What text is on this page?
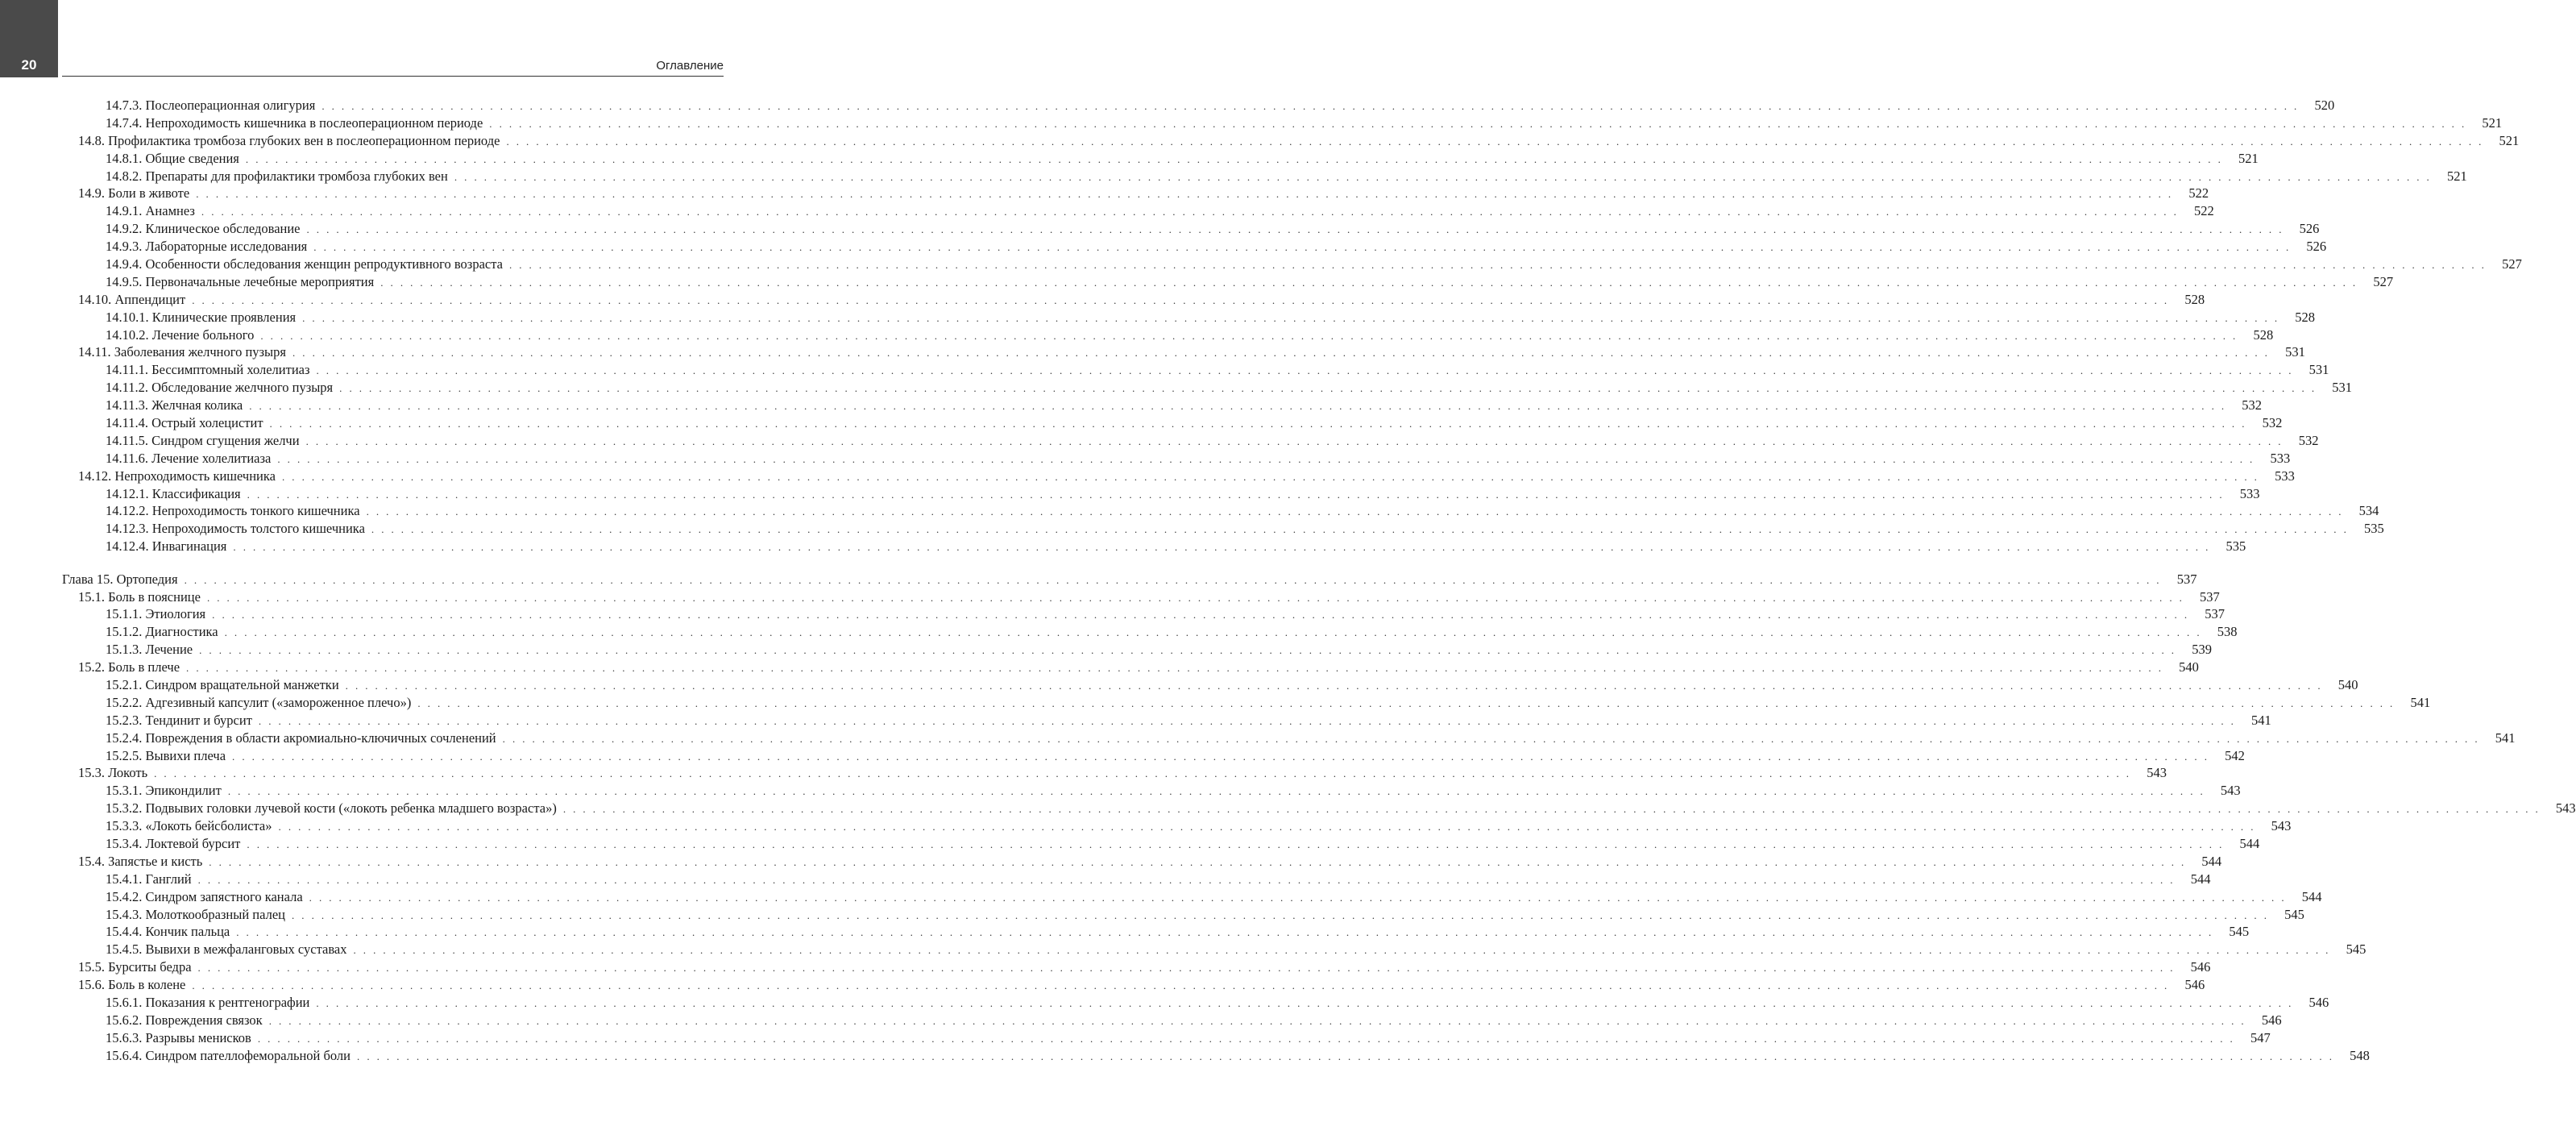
20	Оглавление
14.7.3. Послеоперационная олигурия . . . . . . . . . . . . . . . . . . . . . . . . . . . . . . . . . . . . . . . . . . . . . . . . . . . . . . . . . . . . . . . . . . . . . . . . . . . . . . . . . . . . . . . . . . . . . . . . . . . . . . . . . . . . . . . . . . . . . . . . . . . . . . . . . . . . . . . . . . . . . . . . . . . . . . . . . . . . . . . . . . . . . . . . . . . . . . . . . . . . . . . . . . . . . . . . . . . . . . . .	520
14.7.4. Непроходимость кишечника в послеоперационном периоде . . . . . . . . . . . . . . . . . . . . . . . . . . . . . . . . . . . . . . . . . . . . . . . . . . . . . . . . . . . . . . . . . . . . . . . . . . . . . . . . . . . . . . . . . . . . . . . . . . . . . . . . . . . . . . . . . . . . . . . . . . . . . . . . . . . . . . . . . . . . . . . . . . . . . . . . . . . . . . . . . . . . . . . . . . . . . . . . . . . . . . . . . . . . . . . . . . . . . . . .	521
14.8. Профилактика тромбоза глубоких вен в послеоперационном периоде . . . . . . . . . . . . . . . . . . . . . . . . . . . . . . . . . . . . . . . . . . . . . . . . . . . . . . . . . . . . . . . . . . . . . . . . . . . . . . . . . . . . . . . . . . . . . . . . . . . . . . . . . . . . . . . . . . . . . . . . . . . . . . . . . . . . . . . . . . . . . . . . . . . . . . . . . . . . . . . . . . . . . . . . . . . . . . . . . . . . . . . . . . . . . . . . . . . . . . . .	521
14.8.1. Общие сведения . . . . . . . . . . . . . . . . . . . . . . . . . . . . . . . . . . . . . . . . . . . . . . . . . . . . . . . . . . . . . . . . . . . . . . . . . . . . . . . . . . . . . . . . . . . . . . . . . . . . . . . . . . . . . . . . . . . . . . . . . . . . . . . . . . . . . . . . . . . . . . . . . . . . . . . . . . . . . . . . . . . . . . . . . . . . . . . . . . . . . . . . . . . . . . . . . . . . . . . .	521
14.8.2. Препараты для профилактики тромбоза глубоких вен . . . . . . . . . . . . . . . . . . . . . . . . . . . . . . . . . . . . . . . . . . . . . . . . . . . . . . . . . . . . . . . . . . . . . . . . . . . . . . . . . . . . . . . . . . . . . . . . . . . . . . . . . . . . . . . . . . . . . . . . . . . . . . . . . . . . . . . . . . . . . . . . . . . . . . . . . . . . . . . . . . . . . . . . . . . . . . . . . . . . . . . . . . . . . . . . . . . . . . . .	521
14.9. Боли в животе . . . . . . . . . . . . . . . . . . . . . . . . . . . . . . . . . . . . . . . . . . . . . . . . . . . . . . . . . . . . . . . . . . . . . . . . . . . . . . . . . . . . . . . . . . . . . . . . . . . . . . . . . . . . . . . . . . . . . . . . . . . . . . . . . . . . . . . . . . . . . . . . . . . . . . . . . . . . . . . . . . . . . . . . . . . . . . . . . . . . . . . . . . . . . . . . . . . . . . . .	522
14.9.1. Анамнез . . . . . . . . . . . . . . . . . . . . . . . . . . . . . . . . . . . . . . . . . . . . . . . . . . . . . . . . . . . . . . . . . . . . . . . . . . . . . . . . . . . . . . . . . . . . . . . . . . . . . . . . . . . . . . . . . . . . . . . . . . . . . . . . . . . . . . . . . . . . . . . . . . . . . . . . . . . . . . . . . . . . . . . . . . . . . . . . . . . . . . . . . . . . . . . . . . . . . . . .	522
14.9.2. Клиническое обследование . . . . . . . . . . . . . . . . . . . . . . . . . . . . . . . . . . . . . . . . . . . . . . . . . . . . . . . . . . . . . . . . . . . . . . . . . . . . . . . . . . . . . . . . . . . . . . . . . . . . . . . . . . . . . . . . . . . . . . . . . . . . . . . . . . . . . . . . . . . . . . . . . . . . . . . . . . . . . . . . . . . . . . . . . . . . . . . . . . . . . . . . . . . . . . . . . . . . . . . .	526
14.9.3. Лабораторные исследования . . . . . . . . . . . . . . . . . . . . . . . . . . . . . . . . . . . . . . . . . . . . . . . . . . . . . . . . . . . . . . . . . . . . . . . . . . . . . . . . . . . . . . . . . . . . . . . . . . . . . . . . . . . . . . . . . . . . . . . . . . . . . . . . . . . . . . . . . . . . . . . . . . . . . . . . . . . . . . . . . . . . . . . . . . . . . . . . . . . . . . . . . . . . . . . . . . . . . . . .	526
14.9.4. Особенности обследования женщин репродуктивного возраста . . . . . . . . . . . . . . . . . . . . . . . . . . . . . . . . . . . . . . . . . . . . . . . . . . . . . . . . . . . . . . . . . . . . . . . . . . . . . . . . . . . . . . . . . . . . . . . . . . . . . . . . . . . . . . . . . . . . . . . . . . . . . . . . . . . . . . . . . . . . . . . . . . . . . . . . . . . . . . . . . . . . . . . . . . . . . . . . . . . . . . . . . . . . . . . . . . . . . . . .	527
14.9.5. Первоначальные лечебные мероприятия . . . . . . . . . . . . . . . . . . . . . . . . . . . . . . . . . . . . . . . . . . . . . . . . . . . . . . . . . . . . . . . . . . . . . . . . . . . . . . . . . . . . . . . . . . . . . . . . . . . . . . . . . . . . . . . . . . . . . . . . . . . . . . . . . . . . . . . . . . . . . . . . . . . . . . . . . . . . . . . . . . . . . . . . . . . . . . . . . . . . . . . . . . . . . . . . . . . . . . . .	527
14.10. Аппендицит . . . . . . . . . . . . . . . . . . . . . . . . . . . . . . . . . . . . . . . . . . . . . . . . . . . . . . . . . . . . . . . . . . . . . . . . . . . . . . . . . . . . . . . . . . . . . . . . . . . . . . . . . . . . . . . . . . . . . . . . . . . . . . . . . . . . . . . . . . . . . . . . . . . . . . . . . . . . . . . . . . . . . . . . . . . . . . . . . . . . . . . . . . . . . . . . . . . . . . . .	528
14.10.1. Клинические проявления . . . . . . . . . . . . . . . . . . . . . . . . . . . . . . . . . . . . . . . . . . . . . . . . . . . . . . . . . . . . . . . . . . . . . . . . . . . . . . . . . . . . . . . . . . . . . . . . . . . . . . . . . . . . . . . . . . . . . . . . . . . . . . . . . . . . . . . . . . . . . . . . . . . . . . . . . . . . . . . . . . . . . . . . . . . . . . . . . . . . . . . . . . . . . . . . . . . . . . . .	528
14.10.2. Лечение больного . . . . . . . . . . . . . . . . . . . . . . . . . . . . . . . . . . . . . . . . . . . . . . . . . . . . . . . . . . . . . . . . . . . . . . . . . . . . . . . . . . . . . . . . . . . . . . . . . . . . . . . . . . . . . . . . . . . . . . . . . . . . . . . . . . . . . . . . . . . . . . . . . . . . . . . . . . . . . . . . . . . . . . . . . . . . . . . . . . . . . . . . . . . . . . . . . . . . . . . .	528
14.11. Заболевания желчного пузыря . . . . . . . . . . . . . . . . . . . . . . . . . . . . . . . . . . . . . . . . . . . . . . . . . . . . . . . . . . . . . . . . . . . . . . . . . . . . . . . . . . . . . . . . . . . . . . . . . . . . . . . . . . . . . . . . . . . . . . . . . . . . . . . . . . . . . . . . . . . . . . . . . . . . . . . . . . . . . . . . . . . . . . . . . . . . . . . . . . . . . . . . . . . . . . . . . . . . . . . .	531
14.11.1. Бессимптомный холелитиаз . . . . . . . . . . . . . . . . . . . . . . . . . . . . . . . . . . . . . . . . . . . . . . . . . . . . . . . . . . . . . . . . . . . . . . . . . . . . . . . . . . . . . . . . . . . . . . . . . . . . . . . . . . . . . . . . . . . . . . . . . . . . . . . . . . . . . . . . . . . . . . . . . . . . . . . . . . . . . . . . . . . . . . . . . . . . . . . . . . . . . . . . . . . . . . . . . . . . . . . .	531
14.11.2. Обследование желчного пузыря . . . . . . . . . . . . . . . . . . . . . . . . . . . . . . . . . . . . . . . . . . . . . . . . . . . . . . . . . . . . . . . . . . . . . . . . . . . . . . . . . . . . . . . . . . . . . . . . . . . . . . . . . . . . . . . . . . . . . . . . . . . . . . . . . . . . . . . . . . . . . . . . . . . . . . . . . . . . . . . . . . . . . . . . . . . . . . . . . . . . . . . . . . . . . . . . . . . . . . . .	531
14.11.3. Желчная колика . . . . . . . . . . . . . . . . . . . . . . . . . . . . . . . . . . . . . . . . . . . . . . . . . . . . . . . . . . . . . . . . . . . . . . . . . . . . . . . . . . . . . . . . . . . . . . . . . . . . . . . . . . . . . . . . . . . . . . . . . . . . . . . . . . . . . . . . . . . . . . . . . . . . . . . . . . . . . . . . . . . . . . . . . . . . . . . . . . . . . . . . . . . . . . . . . . . . . . . .	532
14.11.4. Острый холецистит . . . . . . . . . . . . . . . . . . . . . . . . . . . . . . . . . . . . . . . . . . . . . . . . . . . . . . . . . . . . . . . . . . . . . . . . . . . . . . . . . . . . . . . . . . . . . . . . . . . . . . . . . . . . . . . . . . . . . . . . . . . . . . . . . . . . . . . . . . . . . . . . . . . . . . . . . . . . . . . . . . . . . . . . . . . . . . . . . . . . . . . . . . . . . . . . . . . . . . . .	532
14.11.5. Синдром сгущения желчи . . . . . . . . . . . . . . . . . . . . . . . . . . . . . . . . . . . . . . . . . . . . . . . . . . . . . . . . . . . . . . . . . . . . . . . . . . . . . . . . . . . . . . . . . . . . . . . . . . . . . . . . . . . . . . . . . . . . . . . . . . . . . . . . . . . . . . . . . . . . . . . . . . . . . . . . . . . . . . . . . . . . . . . . . . . . . . . . . . . . . . . . . . . . . . . . . . . . . . . .	532
14.11.6. Лечение холелитиаза . . . . . . . . . . . . . . . . . . . . . . . . . . . . . . . . . . . . . . . . . . . . . . . . . . . . . . . . . . . . . . . . . . . . . . . . . . . . . . . . . . . . . . . . . . . . . . . . . . . . . . . . . . . . . . . . . . . . . . . . . . . . . . . . . . . . . . . . . . . . . . . . . . . . . . . . . . . . . . . . . . . . . . . . . . . . . . . . . . . . . . . . . . . . . . . . . . . . . . . .	533
14.12. Непроходимость кишечника . . . . . . . . . . . . . . . . . . . . . . . . . . . . . . . . . . . . . . . . . . . . . . . . . . . . . . . . . . . . . . . . . . . . . . . . . . . . . . . . . . . . . . . . . . . . . . . . . . . . . . . . . . . . . . . . . . . . . . . . . . . . . . . . . . . . . . . . . . . . . . . . . . . . . . . . . . . . . . . . . . . . . . . . . . . . . . . . . . . . . . . . . . . . . . . . . . . . . . . .	533
14.12.1. Классификация . . . . . . . . . . . . . . . . . . . . . . . . . . . . . . . . . . . . . . . . . . . . . . . . . . . . . . . . . . . . . . . . . . . . . . . . . . . . . . . . . . . . . . . . . . . . . . . . . . . . . . . . . . . . . . . . . . . . . . . . . . . . . . . . . . . . . . . . . . . . . . . . . . . . . . . . . . . . . . . . . . . . . . . . . . . . . . . . . . . . . . . . . . . . . . . . . . . . . . . .	533
14.12.2. Непроходимость тонкого кишечника . . . . . . . . . . . . . . . . . . . . . . . . . . . . . . . . . . . . . . . . . . . . . . . . . . . . . . . . . . . . . . . . . . . . . . . . . . . . . . . . . . . . . . . . . . . . . . . . . . . . . . . . . . . . . . . . . . . . . . . . . . . . . . . . . . . . . . . . . . . . . . . . . . . . . . . . . . . . . . . . . . . . . . . . . . . . . . . . . . . . . . . . . . . . . . . . . . . . . . . .	534
14.12.3. Непроходимость толстого кишечника . . . . . . . . . . . . . . . . . . . . . . . . . . . . . . . . . . . . . . . . . . . . . . . . . . . . . . . . . . . . . . . . . . . . . . . . . . . . . . . . . . . . . . . . . . . . . . . . . . . . . . . . . . . . . . . . . . . . . . . . . . . . . . . . . . . . . . . . . . . . . . . . . . . . . . . . . . . . . . . . . . . . . . . . . . . . . . . . . . . . . . . . . . . . . . . . . . . . . . . .	535
14.12.4. Инвагинация . . . . . . . . . . . . . . . . . . . . . . . . . . . . . . . . . . . . . . . . . . . . . . . . . . . . . . . . . . . . . . . . . . . . . . . . . . . . . . . . . . . . . . . . . . . . . . . . . . . . . . . . . . . . . . . . . . . . . . . . . . . . . . . . . . . . . . . . . . . . . . . . . . . . . . . . . . . . . . . . . . . . . . . . . . . . . . . . . . . . . . . . . . . . . . . . . . . . . . . .	535
Глава 15. Ортопедия . . . . . . . . . . . . . . . . . . . . . . . . . . . . . . . . . . . . . . . . . . . . . . . . . . . . . . . . . . . . . . . . . . . . . . . . . . . . . . . . . . . . . . . . . . . . . . . . . . . . . . . . . . . . . . . . . . . . . . . . . . . . . . . . . . . . . . . . . . . . . . . . . . . . . . . . . . . . . . . . . . . . . . . . . . . . . . . . . . . . . . . . . . . . . . . . . . . . . . . .	537
15.1. Боль в пояснице . . . . . . . . . . . . . . . . . . . . . . . . . . . . . . . . . . . . . . . . . . . . . . . . . . . . . . . . . . . . . . . . . . . . . . . . . . . . . . . . . . . . . . . . . . . . . . . . . . . . . . . . . . . . . . . . . . . . . . . . . . . . . . . . . . . . . . . . . . . . . . . . . . . . . . . . . . . . . . . . . . . . . . . . . . . . . . . . . . . . . . . . . . . . . . . . . . . . . . . .	537
15.1.1. Этиология . . . . . . . . . . . . . . . . . . . . . . . . . . . . . . . . . . . . . . . . . . . . . . . . . . . . . . . . . . . . . . . . . . . . . . . . . . . . . . . . . . . . . . . . . . . . . . . . . . . . . . . . . . . . . . . . . . . . . . . . . . . . . . . . . . . . . . . . . . . . . . . . . . . . . . . . . . . . . . . . . . . . . . . . . . . . . . . . . . . . . . . . . . . . . . . . . . . . . . . .	537
15.1.2. Диагностика . . . . . . . . . . . . . . . . . . . . . . . . . . . . . . . . . . . . . . . . . . . . . . . . . . . . . . . . . . . . . . . . . . . . . . . . . . . . . . . . . . . . . . . . . . . . . . . . . . . . . . . . . . . . . . . . . . . . . . . . . . . . . . . . . . . . . . . . . . . . . . . . . . . . . . . . . . . . . . . . . . . . . . . . . . . . . . . . . . . . . . . . . . . . . . . . . . . . . . . .	538
15.1.3. Лечение . . . . . . . . . . . . . . . . . . . . . . . . . . . . . . . . . . . . . . . . . . . . . . . . . . . . . . . . . . . . . . . . . . . . . . . . . . . . . . . . . . . . . . . . . . . . . . . . . . . . . . . . . . . . . . . . . . . . . . . . . . . . . . . . . . . . . . . . . . . . . . . . . . . . . . . . . . . . . . . . . . . . . . . . . . . . . . . . . . . . . . . . . . . . . . . . . . . . . . . .	539
15.2. Боль в плече . . . . . . . . . . . . . . . . . . . . . . . . . . . . . . . . . . . . . . . . . . . . . . . . . . . . . . . . . . . . . . . . . . . . . . . . . . . . . . . . . . . . . . . . . . . . . . . . . . . . . . . . . . . . . . . . . . . . . . . . . . . . . . . . . . . . . . . . . . . . . . . . . . . . . . . . . . . . . . . . . . . . . . . . . . . . . . . . . . . . . . . . . . . . . . . . . . . . . . . .	540
15.2.1. Синдром вращательной манжетки . . . . . . . . . . . . . . . . . . . . . . . . . . . . . . . . . . . . . . . . . . . . . . . . . . . . . . . . . . . . . . . . . . . . . . . . . . . . . . . . . . . . . . . . . . . . . . . . . . . . . . . . . . . . . . . . . . . . . . . . . . . . . . . . . . . . . . . . . . . . . . . . . . . . . . . . . . . . . . . . . . . . . . . . . . . . . . . . . . . . . . . . . . . . . . . . . . . . . . . .	540
15.2.2. Адгезивный капсулит («замороженное плечо») . . . . . . . . . . . . . . . . . . . . . . . . . . . . . . . . . . . . . . . . . . . . . . . . . . . . . . . . . . . . . . . . . . . . . . . . . . . . . . . . . . . . . . . . . . . . . . . . . . . . . . . . . . . . . . . . . . . . . . . . . . . . . . . . . . . . . . . . . . . . . . . . . . . . . . . . . . . . . . . . . . . . . . . . . . . . . . . . . . . . . . . . . . . . . . . . . . . . . . . .	541
15.2.3. Тендинит и бурсит . . . . . . . . . . . . . . . . . . . . . . . . . . . . . . . . . . . . . . . . . . . . . . . . . . . . . . . . . . . . . . . . . . . . . . . . . . . . . . . . . . . . . . . . . . . . . . . . . . . . . . . . . . . . . . . . . . . . . . . . . . . . . . . . . . . . . . . . . . . . . . . . . . . . . . . . . . . . . . . . . . . . . . . . . . . . . . . . . . . . . . . . . . . . . . . . . . . . . . . .	541
15.2.4. Повреждения в области акромиально-ключичных сочленений . . . . . . . . . . . . . . . . . . . . . . . . . . . . . . . . . . . . . . . . . . . . . . . . . . . . . . . . . . . . . . . . . . . . . . . . . . . . . . . . . . . . . . . . . . . . . . . . . . . . . . . . . . . . . . . . . . . . . . . . . . . . . . . . . . . . . . . . . . . . . . . . . . . . . . . . . . . . . . . . . . . . . . . . . . . . . . . . . . . . . . . . . . . . . . . . . . . . . . . .	541
15.2.5. Вывихи плеча . . . . . . . . . . . . . . . . . . . . . . . . . . . . . . . . . . . . . . . . . . . . . . . . . . . . . . . . . . . . . . . . . . . . . . . . . . . . . . . . . . . . . . . . . . . . . . . . . . . . . . . . . . . . . . . . . . . . . . . . . . . . . . . . . . . . . . . . . . . . . . . . . . . . . . . . . . . . . . . . . . . . . . . . . . . . . . . . . . . . . . . . . . . . . . . . . . . . . . . .	542
15.3. Локоть . . . . . . . . . . . . . . . . . . . . . . . . . . . . . . . . . . . . . . . . . . . . . . . . . . . . . . . . . . . . . . . . . . . . . . . . . . . . . . . . . . . . . . . . . . . . . . . . . . . . . . . . . . . . . . . . . . . . . . . . . . . . . . . . . . . . . . . . . . . . . . . . . . . . . . . . . . . . . . . . . . . . . . . . . . . . . . . . . . . . . . . . . . . . . . . . . . . . . . . .	543
15.3.1. Эпикондилит . . . . . . . . . . . . . . . . . . . . . . . . . . . . . . . . . . . . . . . . . . . . . . . . . . . . . . . . . . . . . . . . . . . . . . . . . . . . . . . . . . . . . . . . . . . . . . . . . . . . . . . . . . . . . . . . . . . . . . . . . . . . . . . . . . . . . . . . . . . . . . . . . . . . . . . . . . . . . . . . . . . . . . . . . . . . . . . . . . . . . . . . . . . . . . . . . . . . . . . .	543
15.3.2. Подвывих головки лучевой кости («локоть ребенка младшего возраста») . . . . . . . . . . . . . . . . . . . . . . . . . . . . . . . . . . . . . . . . . . . . . . . . . . . . . . . . . . . . . . . . . . . . . . . . . . . . . . . . . . . . . . . . . . . . . . . . . . . . . . . . . . . . . . . . . . . . . . . . . . . . . . . . . . . . . . . . . . . . . . . . . . . . . . . . . . . . . . . . . . . . . . . . . . . . . . . . . . . . . . . . . . . . . . . . . . . . . . . .	543
15.3.3. «Локоть бейсболиста» . . . . . . . . . . . . . . . . . . . . . . . . . . . . . . . . . . . . . . . . . . . . . . . . . . . . . . . . . . . . . . . . . . . . . . . . . . . . . . . . . . . . . . . . . . . . . . . . . . . . . . . . . . . . . . . . . . . . . . . . . . . . . . . . . . . . . . . . . . . . . . . . . . . . . . . . . . . . . . . . . . . . . . . . . . . . . . . . . . . . . . . . . . . . . . . . . . . . . . . .	543
15.3.4. Локтевой бурсит . . . . . . . . . . . . . . . . . . . . . . . . . . . . . . . . . . . . . . . . . . . . . . . . . . . . . . . . . . . . . . . . . . . . . . . . . . . . . . . . . . . . . . . . . . . . . . . . . . . . . . . . . . . . . . . . . . . . . . . . . . . . . . . . . . . . . . . . . . . . . . . . . . . . . . . . . . . . . . . . . . . . . . . . . . . . . . . . . . . . . . . . . . . . . . . . . . . . . . . .	544
15.4. Запястье и кисть . . . . . . . . . . . . . . . . . . . . . . . . . . . . . . . . . . . . . . . . . . . . . . . . . . . . . . . . . . . . . . . . . . . . . . . . . . . . . . . . . . . . . . . . . . . . . . . . . . . . . . . . . . . . . . . . . . . . . . . . . . . . . . . . . . . . . . . . . . . . . . . . . . . . . . . . . . . . . . . . . . . . . . . . . . . . . . . . . . . . . . . . . . . . . . . . . . . . . . . .	544
15.4.1. Ганглий . . . . . . . . . . . . . . . . . . . . . . . . . . . . . . . . . . . . . . . . . . . . . . . . . . . . . . . . . . . . . . . . . . . . . . . . . . . . . . . . . . . . . . . . . . . . . . . . . . . . . . . . . . . . . . . . . . . . . . . . . . . . . . . . . . . . . . . . . . . . . . . . . . . . . . . . . . . . . . . . . . . . . . . . . . . . . . . . . . . . . . . . . . . . . . . . . . . . . . . .	544
15.4.2. Синдром запястного канала . . . . . . . . . . . . . . . . . . . . . . . . . . . . . . . . . . . . . . . . . . . . . . . . . . . . . . . . . . . . . . . . . . . . . . . . . . . . . . . . . . . . . . . . . . . . . . . . . . . . . . . . . . . . . . . . . . . . . . . . . . . . . . . . . . . . . . . . . . . . . . . . . . . . . . . . . . . . . . . . . . . . . . . . . . . . . . . . . . . . . . . . . . . . . . . . . . . . . . . .	544
15.4.3. Молоткообразный палец . . . . . . . . . . . . . . . . . . . . . . . . . . . . . . . . . . . . . . . . . . . . . . . . . . . . . . . . . . . . . . . . . . . . . . . . . . . . . . . . . . . . . . . . . . . . . . . . . . . . . . . . . . . . . . . . . . . . . . . . . . . . . . . . . . . . . . . . . . . . . . . . . . . . . . . . . . . . . . . . . . . . . . . . . . . . . . . . . . . . . . . . . . . . . . . . . . . . . . . .	545
15.4.4. Кончик пальца . . . . . . . . . . . . . . . . . . . . . . . . . . . . . . . . . . . . . . . . . . . . . . . . . . . . . . . . . . . . . . . . . . . . . . . . . . . . . . . . . . . . . . . . . . . . . . . . . . . . . . . . . . . . . . . . . . . . . . . . . . . . . . . . . . . . . . . . . . . . . . . . . . . . . . . . . . . . . . . . . . . . . . . . . . . . . . . . . . . . . . . . . . . . . . . . . . . . . . . .	545
15.4.5. Вывихи в межфаланговых суставах . . . . . . . . . . . . . . . . . . . . . . . . . . . . . . . . . . . . . . . . . . . . . . . . . . . . . . . . . . . . . . . . . . . . . . . . . . . . . . . . . . . . . . . . . . . . . . . . . . . . . . . . . . . . . . . . . . . . . . . . . . . . . . . . . . . . . . . . . . . . . . . . . . . . . . . . . . . . . . . . . . . . . . . . . . . . . . . . . . . . . . . . . . . . . . . . . . . . . . . .	545
15.5. Бурситы бедра . . . . . . . . . . . . . . . . . . . . . . . . . . . . . . . . . . . . . . . . . . . . . . . . . . . . . . . . . . . . . . . . . . . . . . . . . . . . . . . . . . . . . . . . . . . . . . . . . . . . . . . . . . . . . . . . . . . . . . . . . . . . . . . . . . . . . . . . . . . . . . . . . . . . . . . . . . . . . . . . . . . . . . . . . . . . . . . . . . . . . . . . . . . . . . . . . . . . . . . .	546
15.6. Боль в колене . . . . . . . . . . . . . . . . . . . . . . . . . . . . . . . . . . . . . . . . . . . . . . . . . . . . . . . . . . . . . . . . . . . . . . . . . . . . . . . . . . . . . . . . . . . . . . . . . . . . . . . . . . . . . . . . . . . . . . . . . . . . . . . . . . . . . . . . . . . . . . . . . . . . . . . . . . . . . . . . . . . . . . . . . . . . . . . . . . . . . . . . . . . . . . . . . . . . . . . .	546
15.6.1. Показания к рентгенографии . . . . . . . . . . . . . . . . . . . . . . . . . . . . . . . . . . . . . . . . . . . . . . . . . . . . . . . . . . . . . . . . . . . . . . . . . . . . . . . . . . . . . . . . . . . . . . . . . . . . . . . . . . . . . . . . . . . . . . . . . . . . . . . . . . . . . . . . . . . . . . . . . . . . . . . . . . . . . . . . . . . . . . . . . . . . . . . . . . . . . . . . . . . . . . . . . . . . . . . .	546
15.6.2. Повреждения связок . . . . . . . . . . . . . . . . . . . . . . . . . . . . . . . . . . . . . . . . . . . . . . . . . . . . . . . . . . . . . . . . . . . . . . . . . . . . . . . . . . . . . . . . . . . . . . . . . . . . . . . . . . . . . . . . . . . . . . . . . . . . . . . . . . . . . . . . . . . . . . . . . . . . . . . . . . . . . . . . . . . . . . . . . . . . . . . . . . . . . . . . . . . . . . . . . . . . . . . .	546
15.6.3. Разрывы менисков . . . . . . . . . . . . . . . . . . . . . . . . . . . . . . . . . . . . . . . . . . . . . . . . . . . . . . . . . . . . . . . . . . . . . . . . . . . . . . . . . . . . . . . . . . . . . . . . . . . . . . . . . . . . . . . . . . . . . . . . . . . . . . . . . . . . . . . . . . . . . . . . . . . . . . . . . . . . . . . . . . . . . . . . . . . . . . . . . . . . . . . . . . . . . . . . . . . . . . . .	547
15.6.4. Синдром пателлофеморальной боли . . . . . . . . . . . . . . . . . . . . . . . . . . . . . . . . . . . . . . . . . . . . . . . . . . . . . . . . . . . . . . . . . . . . . . . . . . . . . . . . . . . . . . . . . . . . . . . . . . . . . . . . . . . . . . . . . . . . . . . . . . . . . . . . . . . . . . . . . . . . . . . . . . . . . . . . . . . . . . . . . . . . . . . . . . . . . . . . . . . . . . . . . . . . . . . . . . . . . . . .	548
